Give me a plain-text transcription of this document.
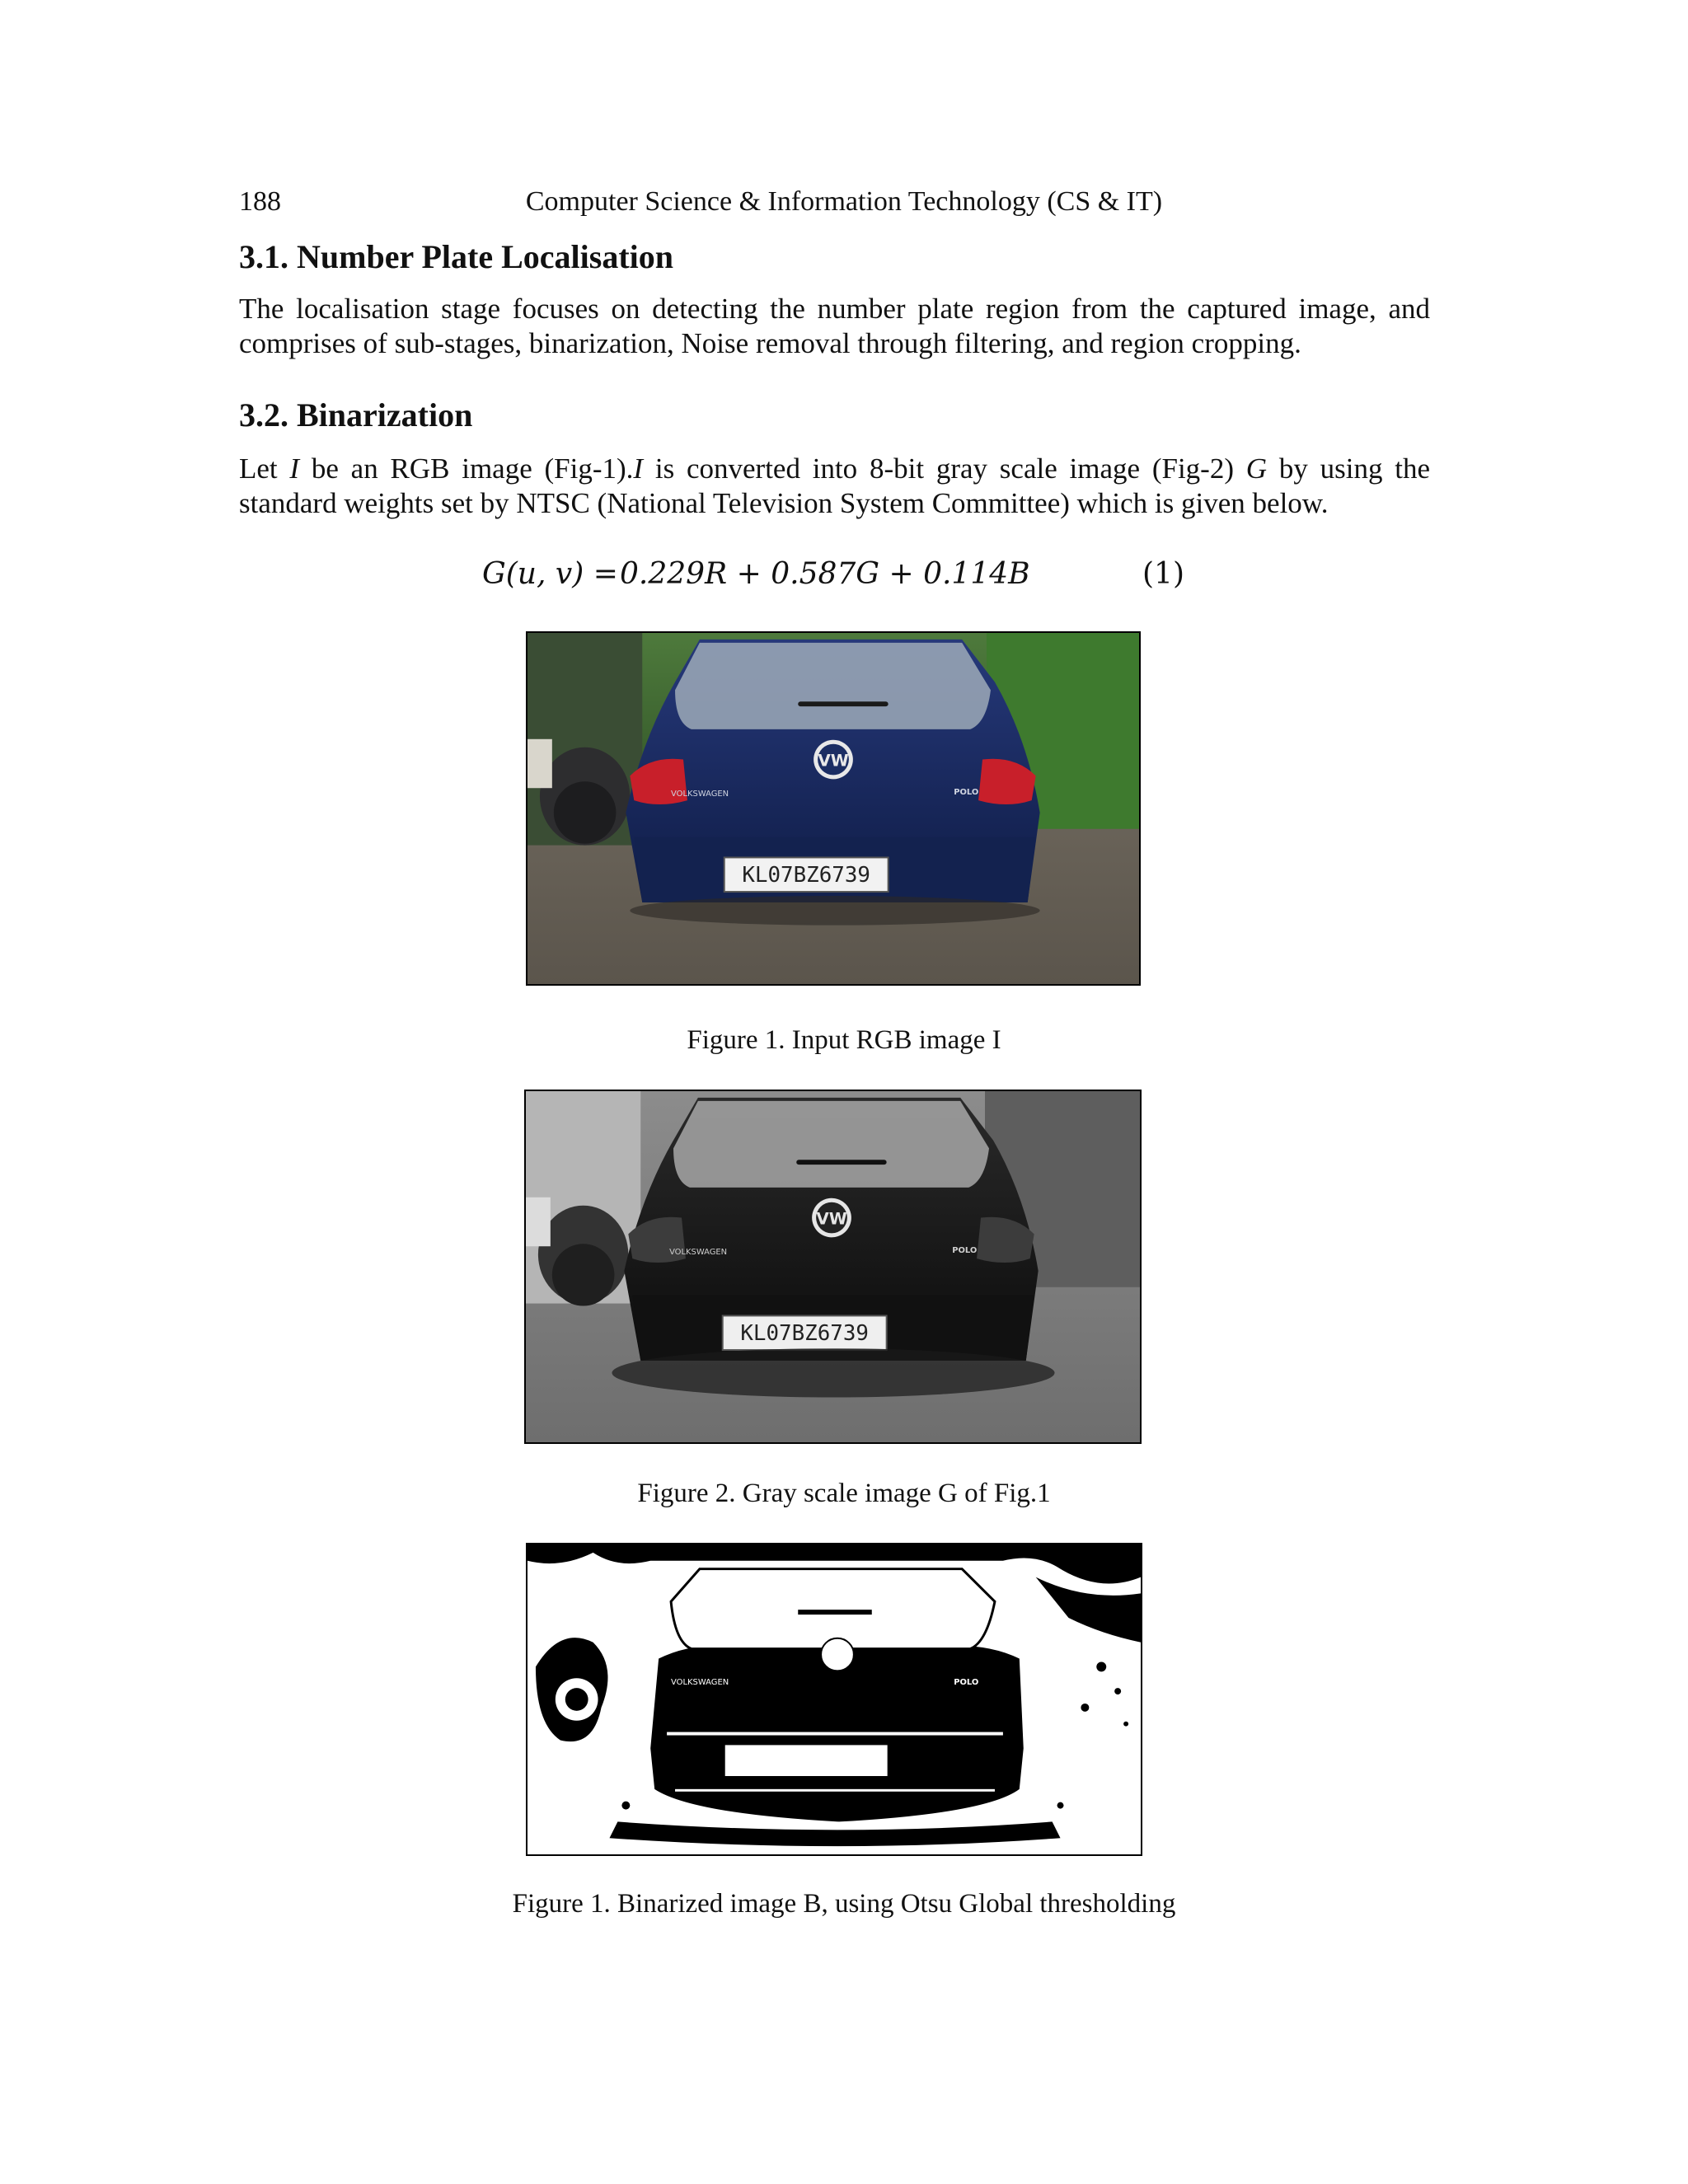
188	Computer Science & Information Technology (CS & IT)
3.1. Number Plate Localisation

The localisation stage focuses on detecting the number plate region from the captured image, and comprises of sub-stages, binarization, Noise removal through filtering, and region cropping.

3.2. Binarization

Let I be an RGB image (Fig-1).I is converted into 8-bit gray scale image (Fig-2) G by using the standard weights set by NTSC (National Television System Committee) which is given below.

G(u, v) = 0.229R + 0.587G + 0.114B	(1)
VW
VOLKSWAGEN	POLO
KL07BZ6739
Figure 1. Input RGB image I
VW
VOLKSWAGEN	POLO
KL07BZ6739
Figure 2. Gray scale image G of Fig.1
VOLKSWAGEN	POLO
Figure 1. Binarized image B, using Otsu Global thresholding
